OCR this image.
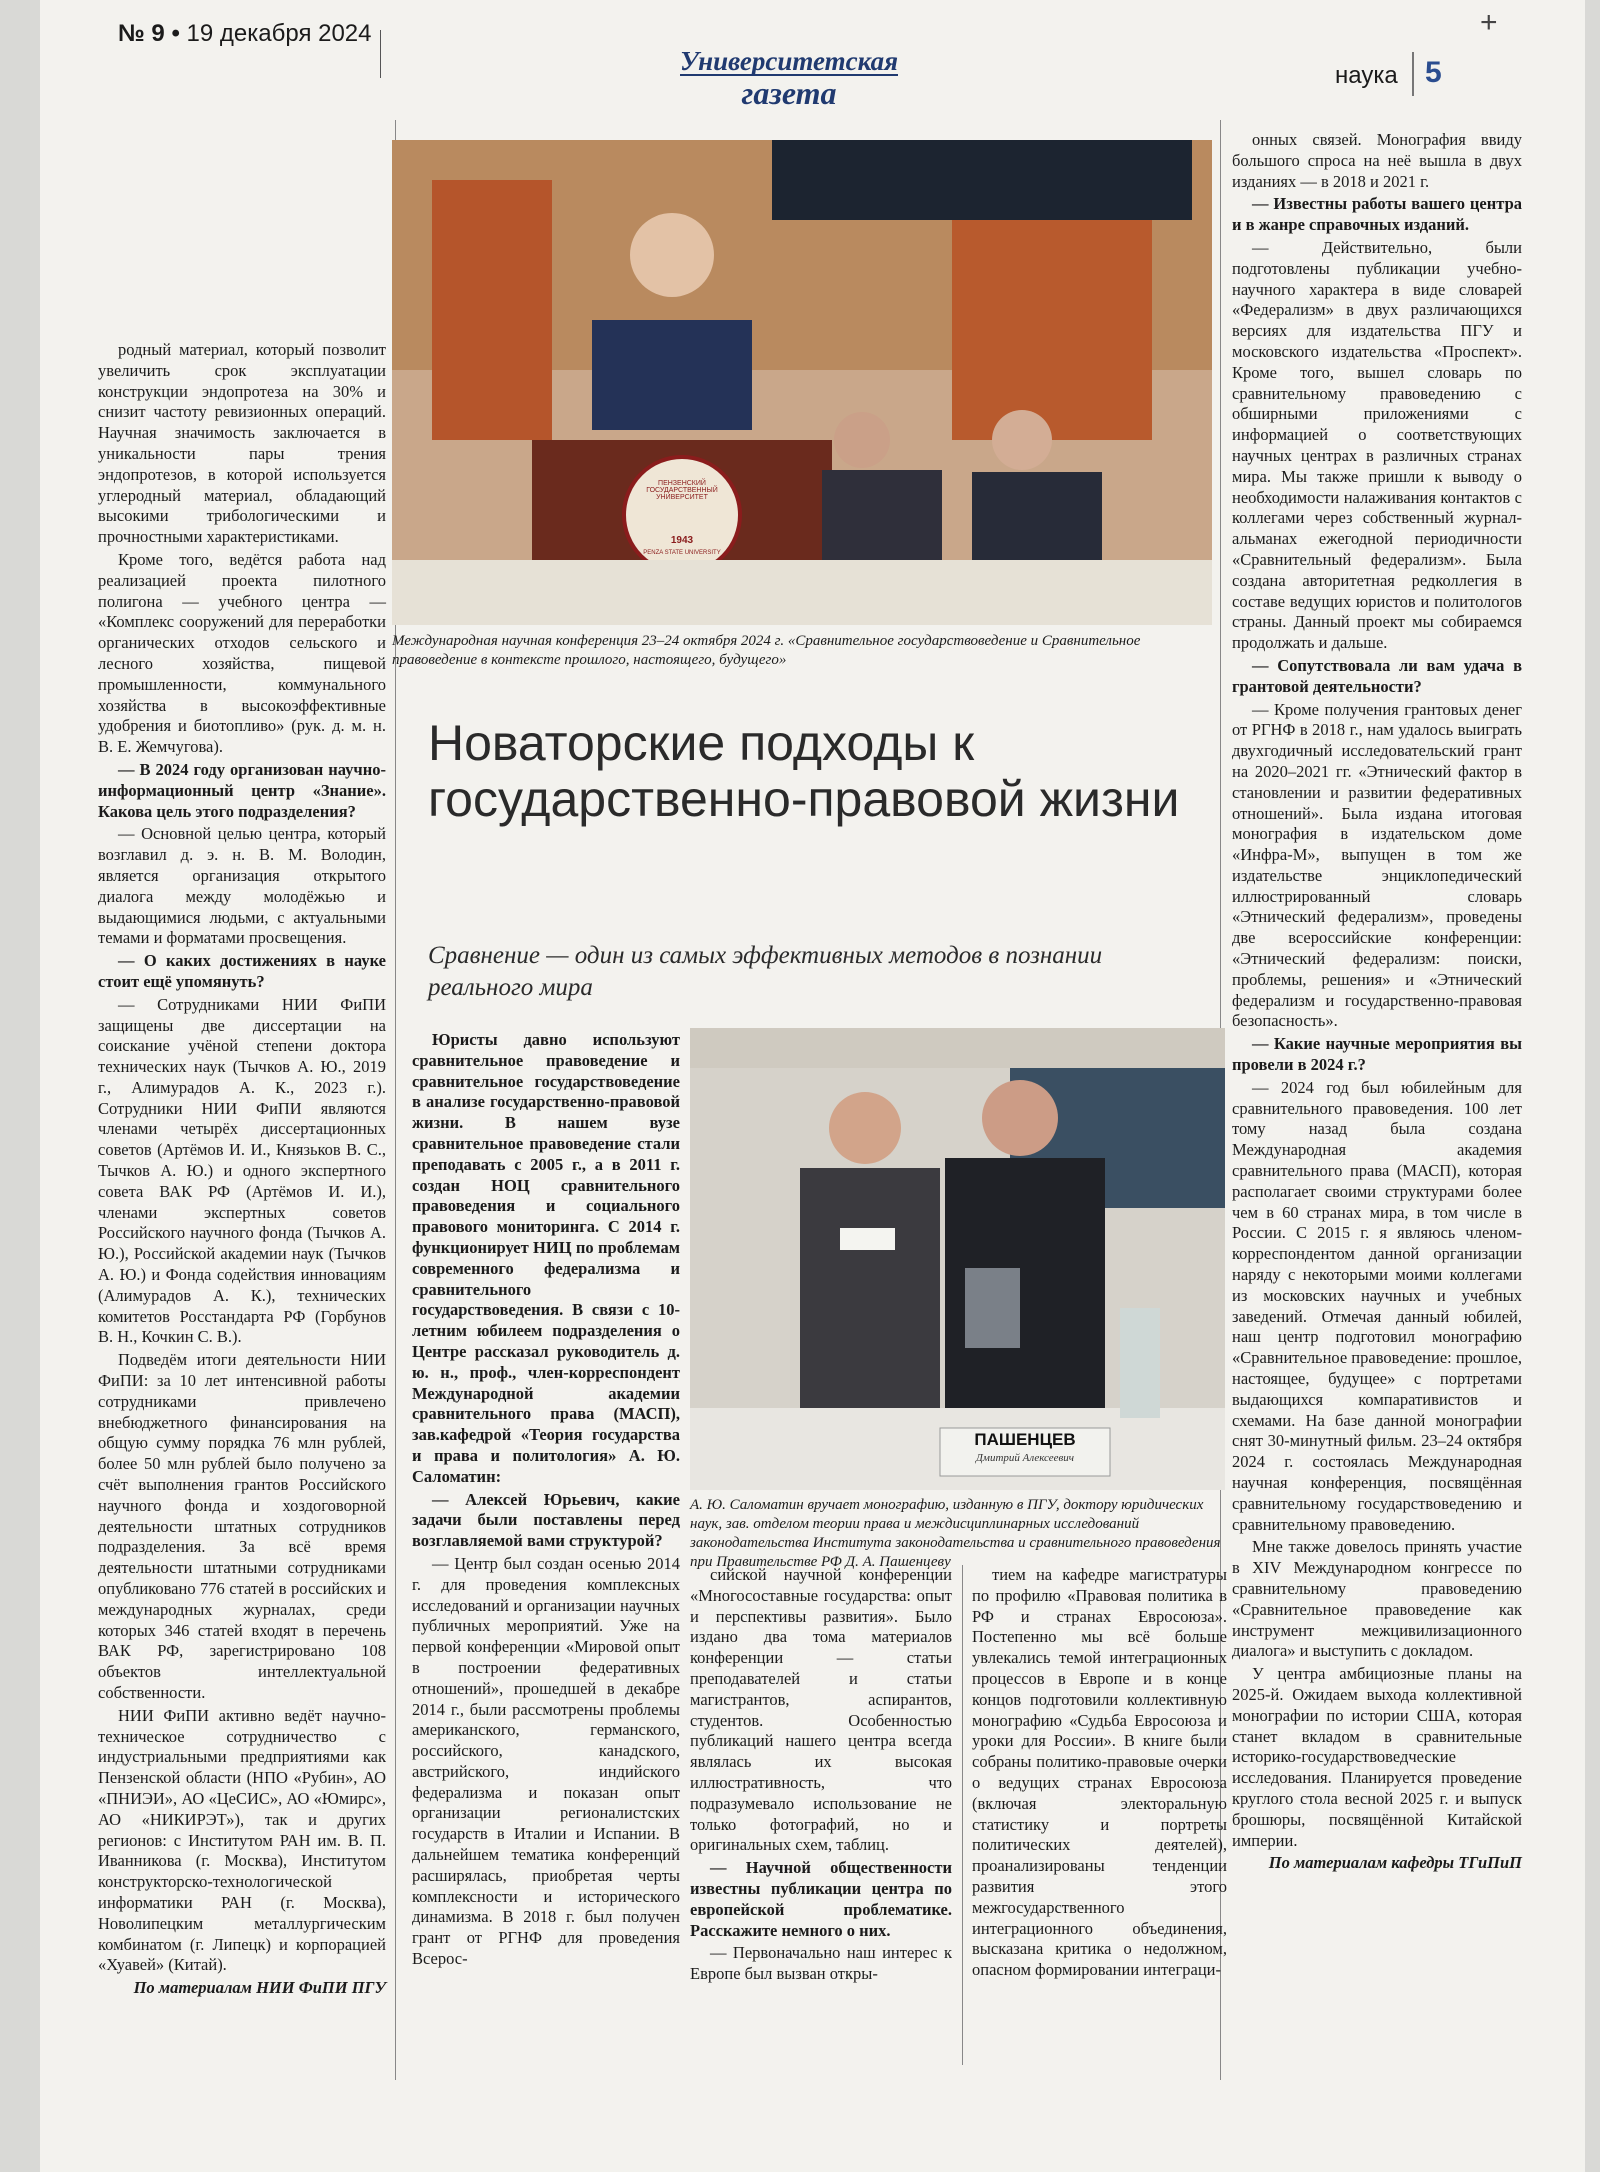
+
№ 9 • 19 декабря 2024
Университетская
газета	наука 5

родный материал, который позволит увеличить срок эксплуатации конструкции эндопротеза на 30% и снизит частоту ревизионных операций. Научная значимость заключается в уникальности пары трения эндопротезов, в которой используется углеродный материал, обладающий высокими трибологическими и прочностными характеристиками.

Кроме того, ведётся работа над реализацией проекта пилотного полигона — учебного центра — «Комплекс сооружений для переработки органических отходов сельского и лесного хозяйства, пищевой промышленности, коммунального хозяйства в высокоэффективные удобрения и биотопливо» (рук. д. м. н. В. Е. Жемчугова).

— В 2024 году организован научно-информационный центр «Знание». Какова цель этого подразделения?

— Основной целью центра, который возглавил д. э. н. В. М. Володин, является организация открытого диалога между молодёжью и выдающимися людьми, с актуальными темами и форматами просвещения.

— О каких достижениях в науке стоит ещё упомянуть?

— Сотрудниками НИИ ФиПИ защищены две диссертации на соискание учёной степени доктора технических наук (Тычков А. Ю., 2019 г., Алимурадов А. К., 2023 г.). Сотрудники НИИ ФиПИ являются членами четырёх диссертационных советов (Артёмов И. И., Князьков В. С., Тычков А. Ю.) и одного экспертного совета ВАК РФ (Артёмов И. И.), членами экспертных советов Российского научного фонда (Тычков А. Ю.), Российской академии наук (Тычков А. Ю.) и Фонда содействия инновациям (Алимурадов А. К.), технических комитетов Росстандарта РФ (Горбунов В. Н., Кочкин С. В.).

Подведём итоги деятельности НИИ ФиПИ: за 10 лет интенсивной работы сотрудниками привлечено внебюджетного финансирования на общую сумму порядка 76 млн рублей, более 50 млн рублей было получено за счёт выполнения грантов Российского научного фонда и хоздоговорной деятельности штатных сотрудников подразделения. За всё время деятельности штатными сотрудниками опубликовано 776 статей в российских и международных журналах, среди которых 346 статей входят в перечень ВАК РФ, зарегистрировано 108 объектов интеллектуальной собственности.

НИИ ФиПИ активно ведёт научно-техническое сотрудничество с индустриальными предприятиями как Пензенской области (НПО «Рубин», АО «ПНИЭИ», АО «ЦеСИС», АО «Юмирс», АО «НИКИРЭТ»), так и других регионов: с Институтом РАН им. В. П. Иванникова (г. Москва), Институтом конструкторско-технологической информатики РАН (г. Москва), Новолипецким металлургическим комбинатом (г. Липецк) и корпорацией «Хуавей» (Китай).

По материалам НИИ ФиПИ ПГУ

ПЕНЗЕНСКИЙ ГОСУДАРСТВЕННЫЙ УНИВЕРСИТЕТ
1943
PENZA STATE UNIVERSITY
Международная научная конференция 23–24 октября 2024 г. «Сравнительное государствоведение и Сравнительное правоведение в контексте прошлого, настоящего, будущего»
Новаторские подходы к государственно-правовой жизни
Сравнение — один из самых эффективных методов в познании реального мира

Юристы давно используют сравнительное правоведение и сравнительное государствоведение в анализе государственно-правовой жизни. В нашем вузе сравнительное правоведение стали преподавать с 2005 г., а в 2011 г. создан НОЦ сравнительного правоведения и социального правового мониторинга. С 2014 г. функционирует НИЦ по проблемам современного федерализма и сравнительного государствоведения. В связи с 10-летним юбилеем подразделения о Центре рассказал руководитель д. ю. н., проф., член-корреспондент Международной академии сравнительного права (МАСП), зав.кафедрой «Теория государства и права и политология» А. Ю. Саломатин:

— Алексей Юрьевич, какие задачи были поставлены перед возглавляемой вами структурой?

— Центр был создан осенью 2014 г. для проведения комплексных исследований и организации научных публичных мероприятий. Уже на первой конференции «Мировой опыт в построении федеративных отношений», прошедшей в декабре 2014 г., были рассмотрены проблемы американского, германского, российского, канадского, австрийского, индийского федерализма и показан опыт организации регионалистских государств в Италии и Испании. В дальнейшем тематика конференций расширялась, приобретая черты комплексности и исторического динамизма. В 2018 г. был получен грант от РГНФ для проведения Всерос-

ПАШЕНЦЕВ
Дмитрий Алексеевич
А. Ю. Саломатин вручает монографию, изданную в ПГУ, доктору юридических наук, зав. отделом теории права и междисциплинарных исследований законодательства Института законодательства и сравнительного правоведения при Правительстве РФ Д. А. Пашенцеву

сийской научной конференции «Многосоставные государства: опыт и перспективы развития». Было издано два тома материалов конференции — статьи преподавателей и статьи магистрантов, аспирантов, студентов. Особенностью публикаций нашего центра всегда являлась их высокая иллюстративность, что подразумевало использование не только фотографий, но и оригинальных схем, таблиц.

— Научной общественности известны публикации центра по европейской проблематике. Расскажите немного о них.

— Первоначально наш интерес к Европе был вызван откры-

тием на кафедре магистратуры по профилю «Правовая политика в РФ и странах Евросоюза». Постепенно мы всё больше увлекались темой интеграционных процессов в Европе и в конце концов подготовили коллективную монографию «Судьба Евросоюза и уроки для России». В книге были собраны политико-правовые очерки о ведущих странах Евросоюза (включая электоральную статистику и портреты политических деятелей), проанализированы тенденции развития этого межгосударственного интеграционного объединения, высказана критика о недолжном, опасном формировании интеграци-

онных связей. Монография ввиду большого спроса на неё вышла в двух изданиях — в 2018 и 2021 г.

— Известны работы вашего центра и в жанре справочных изданий.

— Действительно, были подготовлены публикации учебно-научного характера в виде словарей «Федерализм» в двух различающихся версиях для издательства ПГУ и московского издательства «Проспект». Кроме того, вышел словарь по сравнительному правоведению с обширными приложениями с информацией о соответствующих научных центрах в различных странах мира. Мы также пришли к выводу о необходимости налаживания контактов с коллегами через собственный журнал-альманах ежегодной периодичности «Сравнительный федерализм». Была создана авторитетная редколлегия в составе ведущих юристов и политологов страны. Данный проект мы собираемся продолжать и дальше.

— Сопутствовала ли вам удача в грантовой деятельности?

— Кроме получения грантовых денег от РГНФ в 2018 г., нам удалось выиграть двухгодичный исследовательский грант на 2020–2021 гг. «Этнический фактор в становлении и развитии федеративных отношений». Была издана итоговая монография в издательском доме «Инфра-М», выпущен в том же издательстве энциклопедический иллюстрированный словарь «Этнический федерализм», проведены две всероссийские конференции: «Этнический федерализм: поиски, проблемы, решения» и «Этнический федерализм и государственно-правовая безопасность».

— Какие научные мероприятия вы провели в 2024 г.?

— 2024 год был юбилейным для сравнительного правоведения. 100 лет тому назад была создана Международная академия сравнительного права (МАСП), которая располагает своими структурами более чем в 60 странах мира, в том числе в России. С 2015 г. я являюсь членом-корреспондентом данной организации наряду с некоторыми моими коллегами из московских научных и учебных заведений. Отмечая данный юбилей, наш центр подготовил монографию «Сравнительное правоведение: прошлое, настоящее, будущее» с портретами выдающихся компаративистов и схемами. На базе данной монографии снят 30-минутный фильм. 23–24 октября 2024 г. состоялась Международная научная конференция, посвящённая сравнительному государствоведению и сравнительному правоведению.

Мне также довелось принять участие в XIV Международном конгрессе по сравнительному правоведению «Сравнительное правоведение как инструмент межцивилизационного диалога» и выступить с докладом.

У центра амбициозные планы на 2025-й. Ожидаем выхода коллективной монографии по истории США, которая станет вкладом в сравнительные историко-государствоведческие исследования. Планируется проведение круглого стола весной 2025 г. и выпуск брошюры, посвящённой Китайской империи.

По материалам кафедры ТГиПиП
